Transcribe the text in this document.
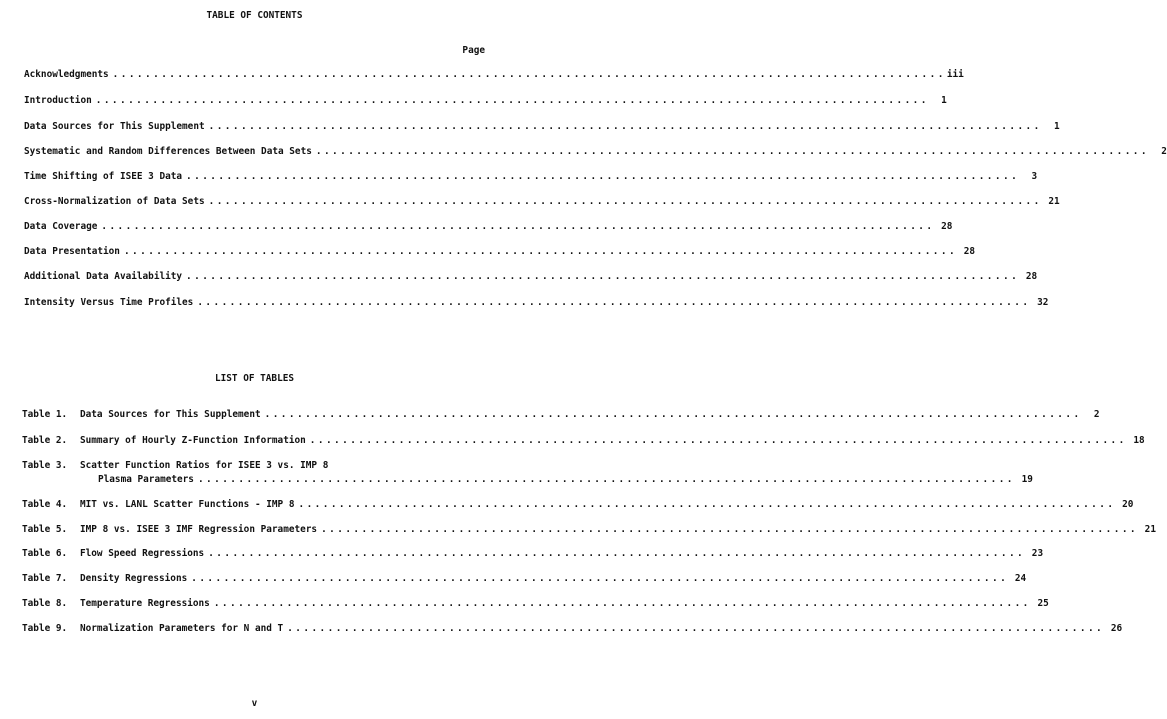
TABLE OF CONTENTS
Page
Acknowledgments . . .	iii
Introduction . . .	1
Data Sources for This Supplement . . .	1
Systematic and Random Differences Between Data Sets . . .	2
Time Shifting of ISEE 3 Data . . .	3
Cross-Normalization of Data Sets . . .	21
Data Coverage . . .	28
Data Presentation . . .	28
Additional Data Availability . . .	28
Intensity Versus Time Profiles . . .	32
LIST OF TABLES
Table 1.	Data Sources for This Supplement . . .	2
Table 2.	Summary of Hourly Z-Function Information . . .	18
Table 3.	Scatter Function Ratios for ISEE 3 vs. IMP 8
Plasma Parameters . . .	19
Table 4.	MIT vs. LANL Scatter Functions - IMP 8 . . .	20
Table 5.	IMP 8 vs. ISEE 3 IMF Regression Parameters . . .	21
Table 6.	Flow Speed Regressions . . .	23
Table 7.	Density Regressions . . .	24
Table 8.	Temperature Regressions . . .	25
Table 9.	Normalization Parameters for N and T . . .	26
v
